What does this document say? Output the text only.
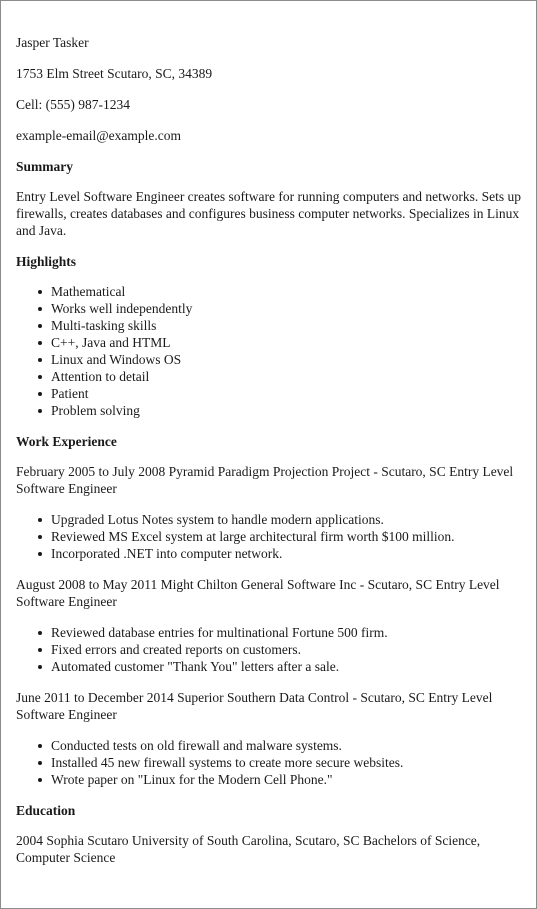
Jasper Tasker
1753 Elm Street Scutaro, SC, 34389
Cell: (555) 987-1234
example-email@example.com
Summary
Entry Level Software Engineer creates software for running computers and networks. Sets up firewalls, creates databases and configures business computer networks. Specializes in Linux and Java.
Highlights
Mathematical
Works well independently
Multi-tasking skills
C++, Java and HTML
Linux and Windows OS
Attention to detail
Patient
Problem solving
Work Experience
February 2005 to July 2008 Pyramid Paradigm Projection Project - Scutaro, SC Entry Level Software Engineer
Upgraded Lotus Notes system to handle modern applications.
Reviewed MS Excel system at large architectural firm worth $100 million.
Incorporated .NET into computer network.
August 2008 to May 2011 Might Chilton General Software Inc - Scutaro, SC Entry Level Software Engineer
Reviewed database entries for multinational Fortune 500 firm.
Fixed errors and created reports on customers.
Automated customer "Thank You" letters after a sale.
June 2011 to December 2014 Superior Southern Data Control - Scutaro, SC Entry Level Software Engineer
Conducted tests on old firewall and malware systems.
Installed 45 new firewall systems to create more secure websites.
Wrote paper on "Linux for the Modern Cell Phone."
Education
2004 Sophia Scutaro University of South Carolina, Scutaro, SC Bachelors of Science, Computer Science
